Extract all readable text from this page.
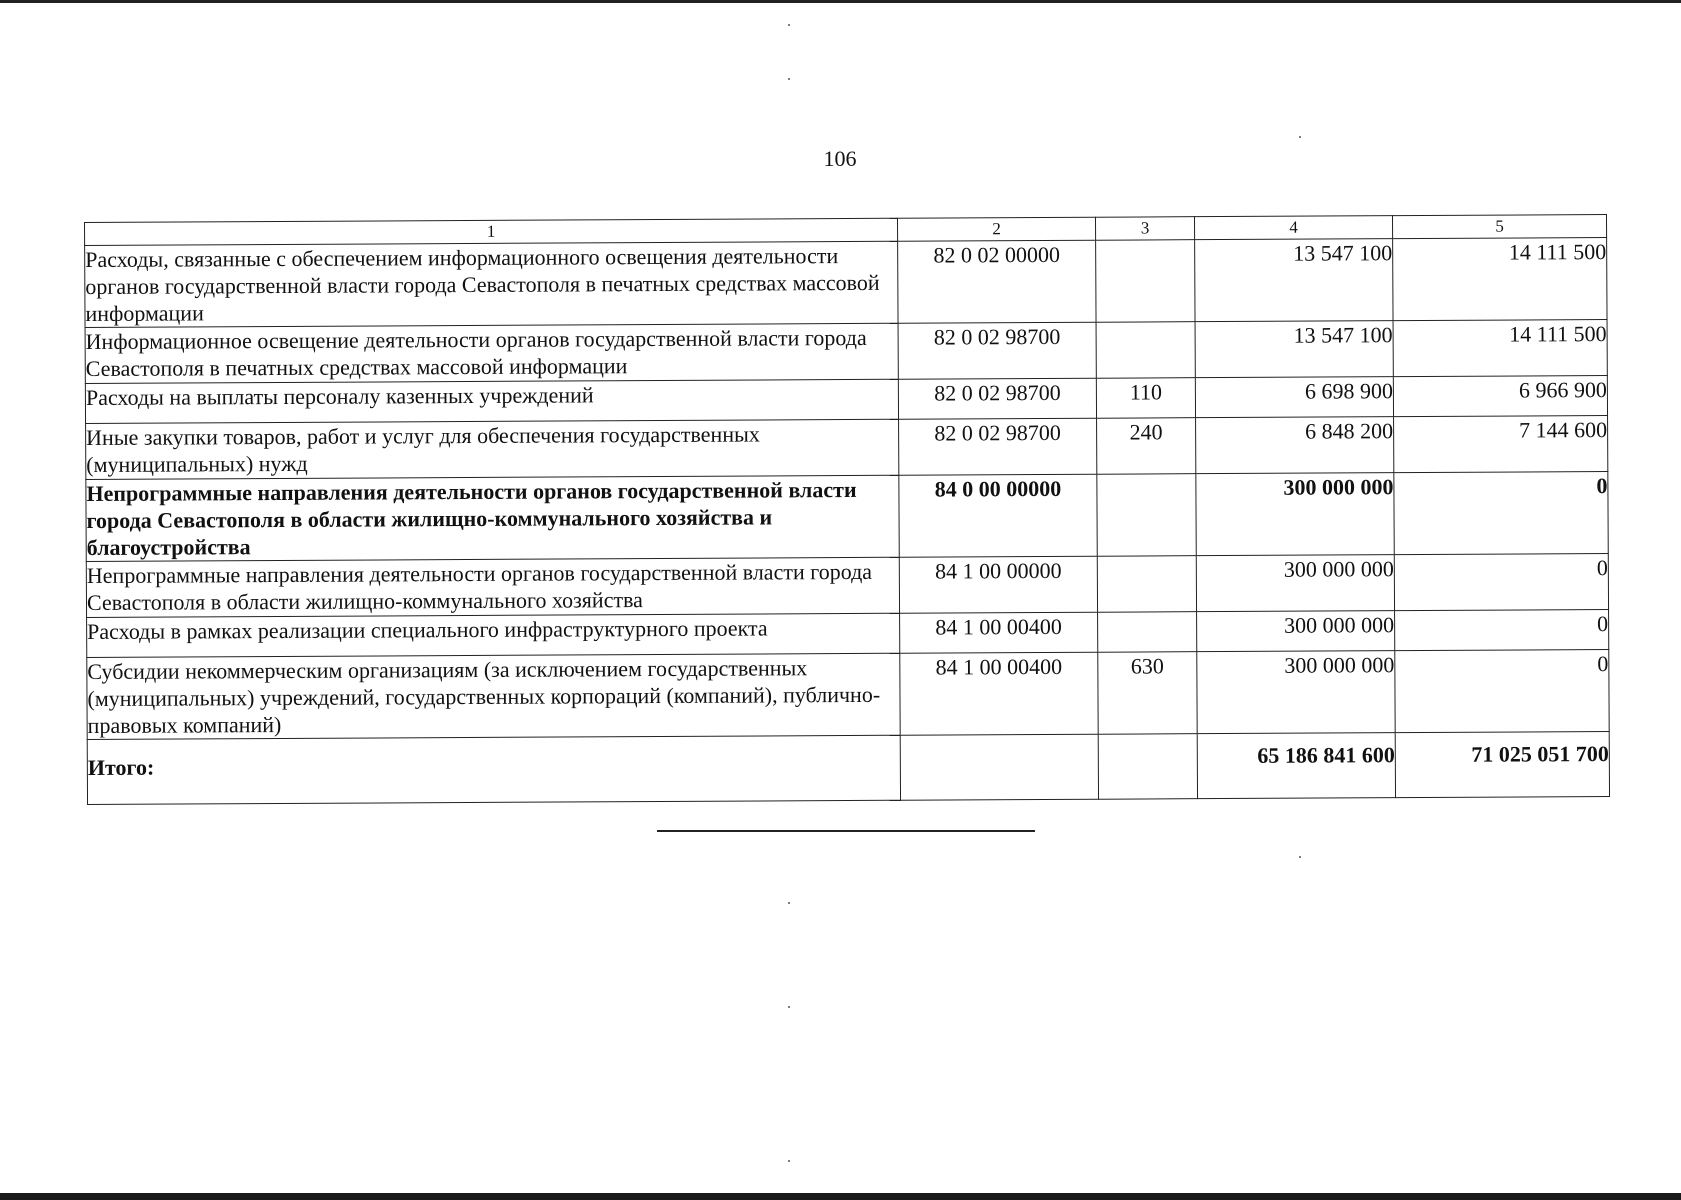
106
1	2	3	4	5
Расходы, связанные с обеспечением информационного освещения деятельности органов государственной власти города Севастополя в печатных средствах массовой информации	82 0 02 00000		13 547 100	14 111 500
Информационное освещение деятельности органов государственной власти города Севастополя в печатных средствах массовой информации	82 0 02 98700		13 547 100	14 111 500
Расходы на выплаты персоналу казенных учреждений	82 0 02 98700	110	6 698 900	6 966 900
Иные закупки товаров, работ и услуг для обеспечения государственных (муниципальных) нужд	82 0 02 98700	240	6 848 200	7 144 600
Непрограммные направления деятельности органов государственной власти города Севастополя в области жилищно-коммунального хозяйства и благоустройства	84 0 00 00000		300 000 000	0
Непрограммные направления деятельности органов государственной власти города Севастополя в области жилищно-коммунального хозяйства	84 1 00 00000		300 000 000	0
Расходы в рамках реализации специального инфраструктурного проекта	84 1 00 00400		300 000 000	0
Субсидии некоммерческим организациям (за исключением государственных (муниципальных) учреждений, государственных корпораций (компаний), публично-правовых компаний)	84 1 00 00400	630	300 000 000	0
Итого:			65 186 841 600	71 025 051 700
